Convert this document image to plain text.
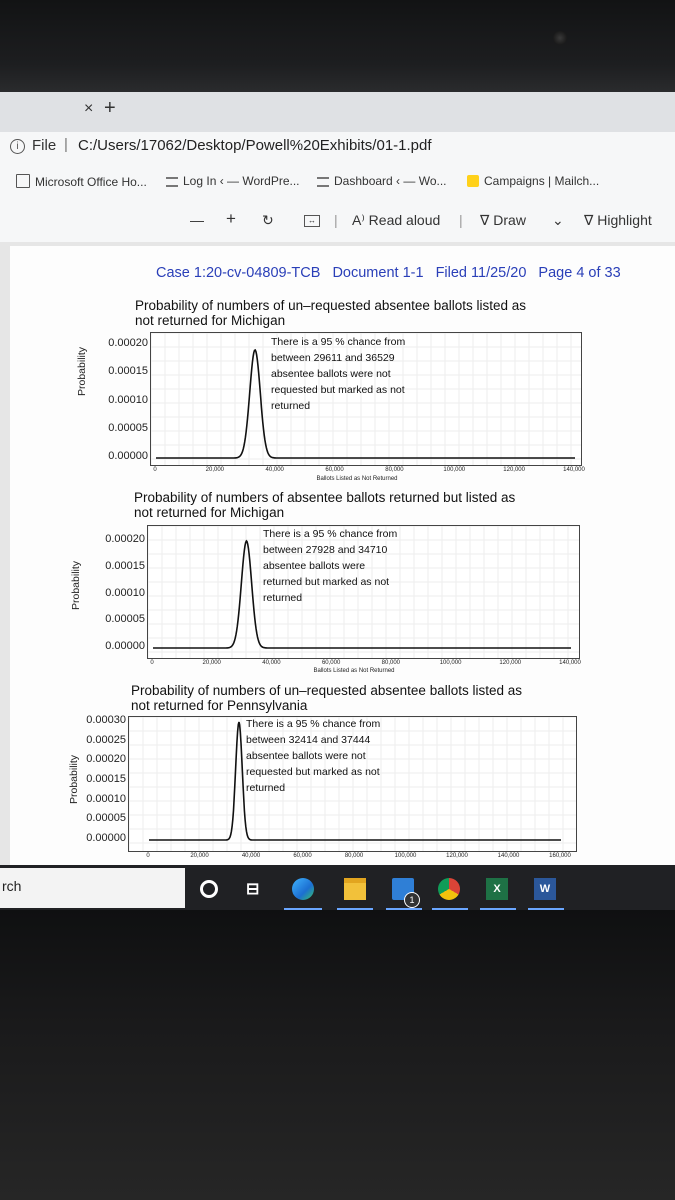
× +
i File | C:/Users/17062/Desktop/Powell%20Exhibits/01-1.pdf
Microsoft Office Ho...	Log In ‹ — WordPre...	Dashboard ‹ — Wo...	Campaigns | Mailch...
— + ↻	↔ | A⁾ Read aloud | ∇ Draw ⌄ ∇ Highlight
Case 1:20-cv-04809-TCB Document 1-1 Filed 11/25/20 Page 4 of 33
Probability of numbers of un–requested absentee ballots listed as
not returned for Michigan
Probability
0.00020
0.00015
0.00010
0.00005
0.00000
0	20,000	40,000	60,000	80,000	100,000	120,000	140,000
Ballots Listed as Not Returned
There is a 95 % chance from
between 29611 and 36529
absentee ballots were not
requested but marked as not
returned
Probability of numbers of absentee ballots returned but listed as
not returned for Michigan
Probability
0.00020
0.00015
0.00010
0.00005
0.00000
0	20,000	40,000	60,000	80,000	100,000	120,000	140,000
Ballots Listed as Not Returned
There is a 95 % chance from
between 27928 and 34710
absentee ballots were
returned but marked as not
returned
Probability of numbers of un–requested absentee ballots listed as
not returned for Pennsylvania
Probability
0.00030
0.00025
0.00020
0.00015
0.00010
0.00005
0.00000
0	20,000	40,000	60,000	80,000	100,000	120,000	140,000	160,000
There is a 95 % chance from
between 32414 and 37444
absentee ballots were not
requested but marked as not
returned
rch	⊟
1
X	W
